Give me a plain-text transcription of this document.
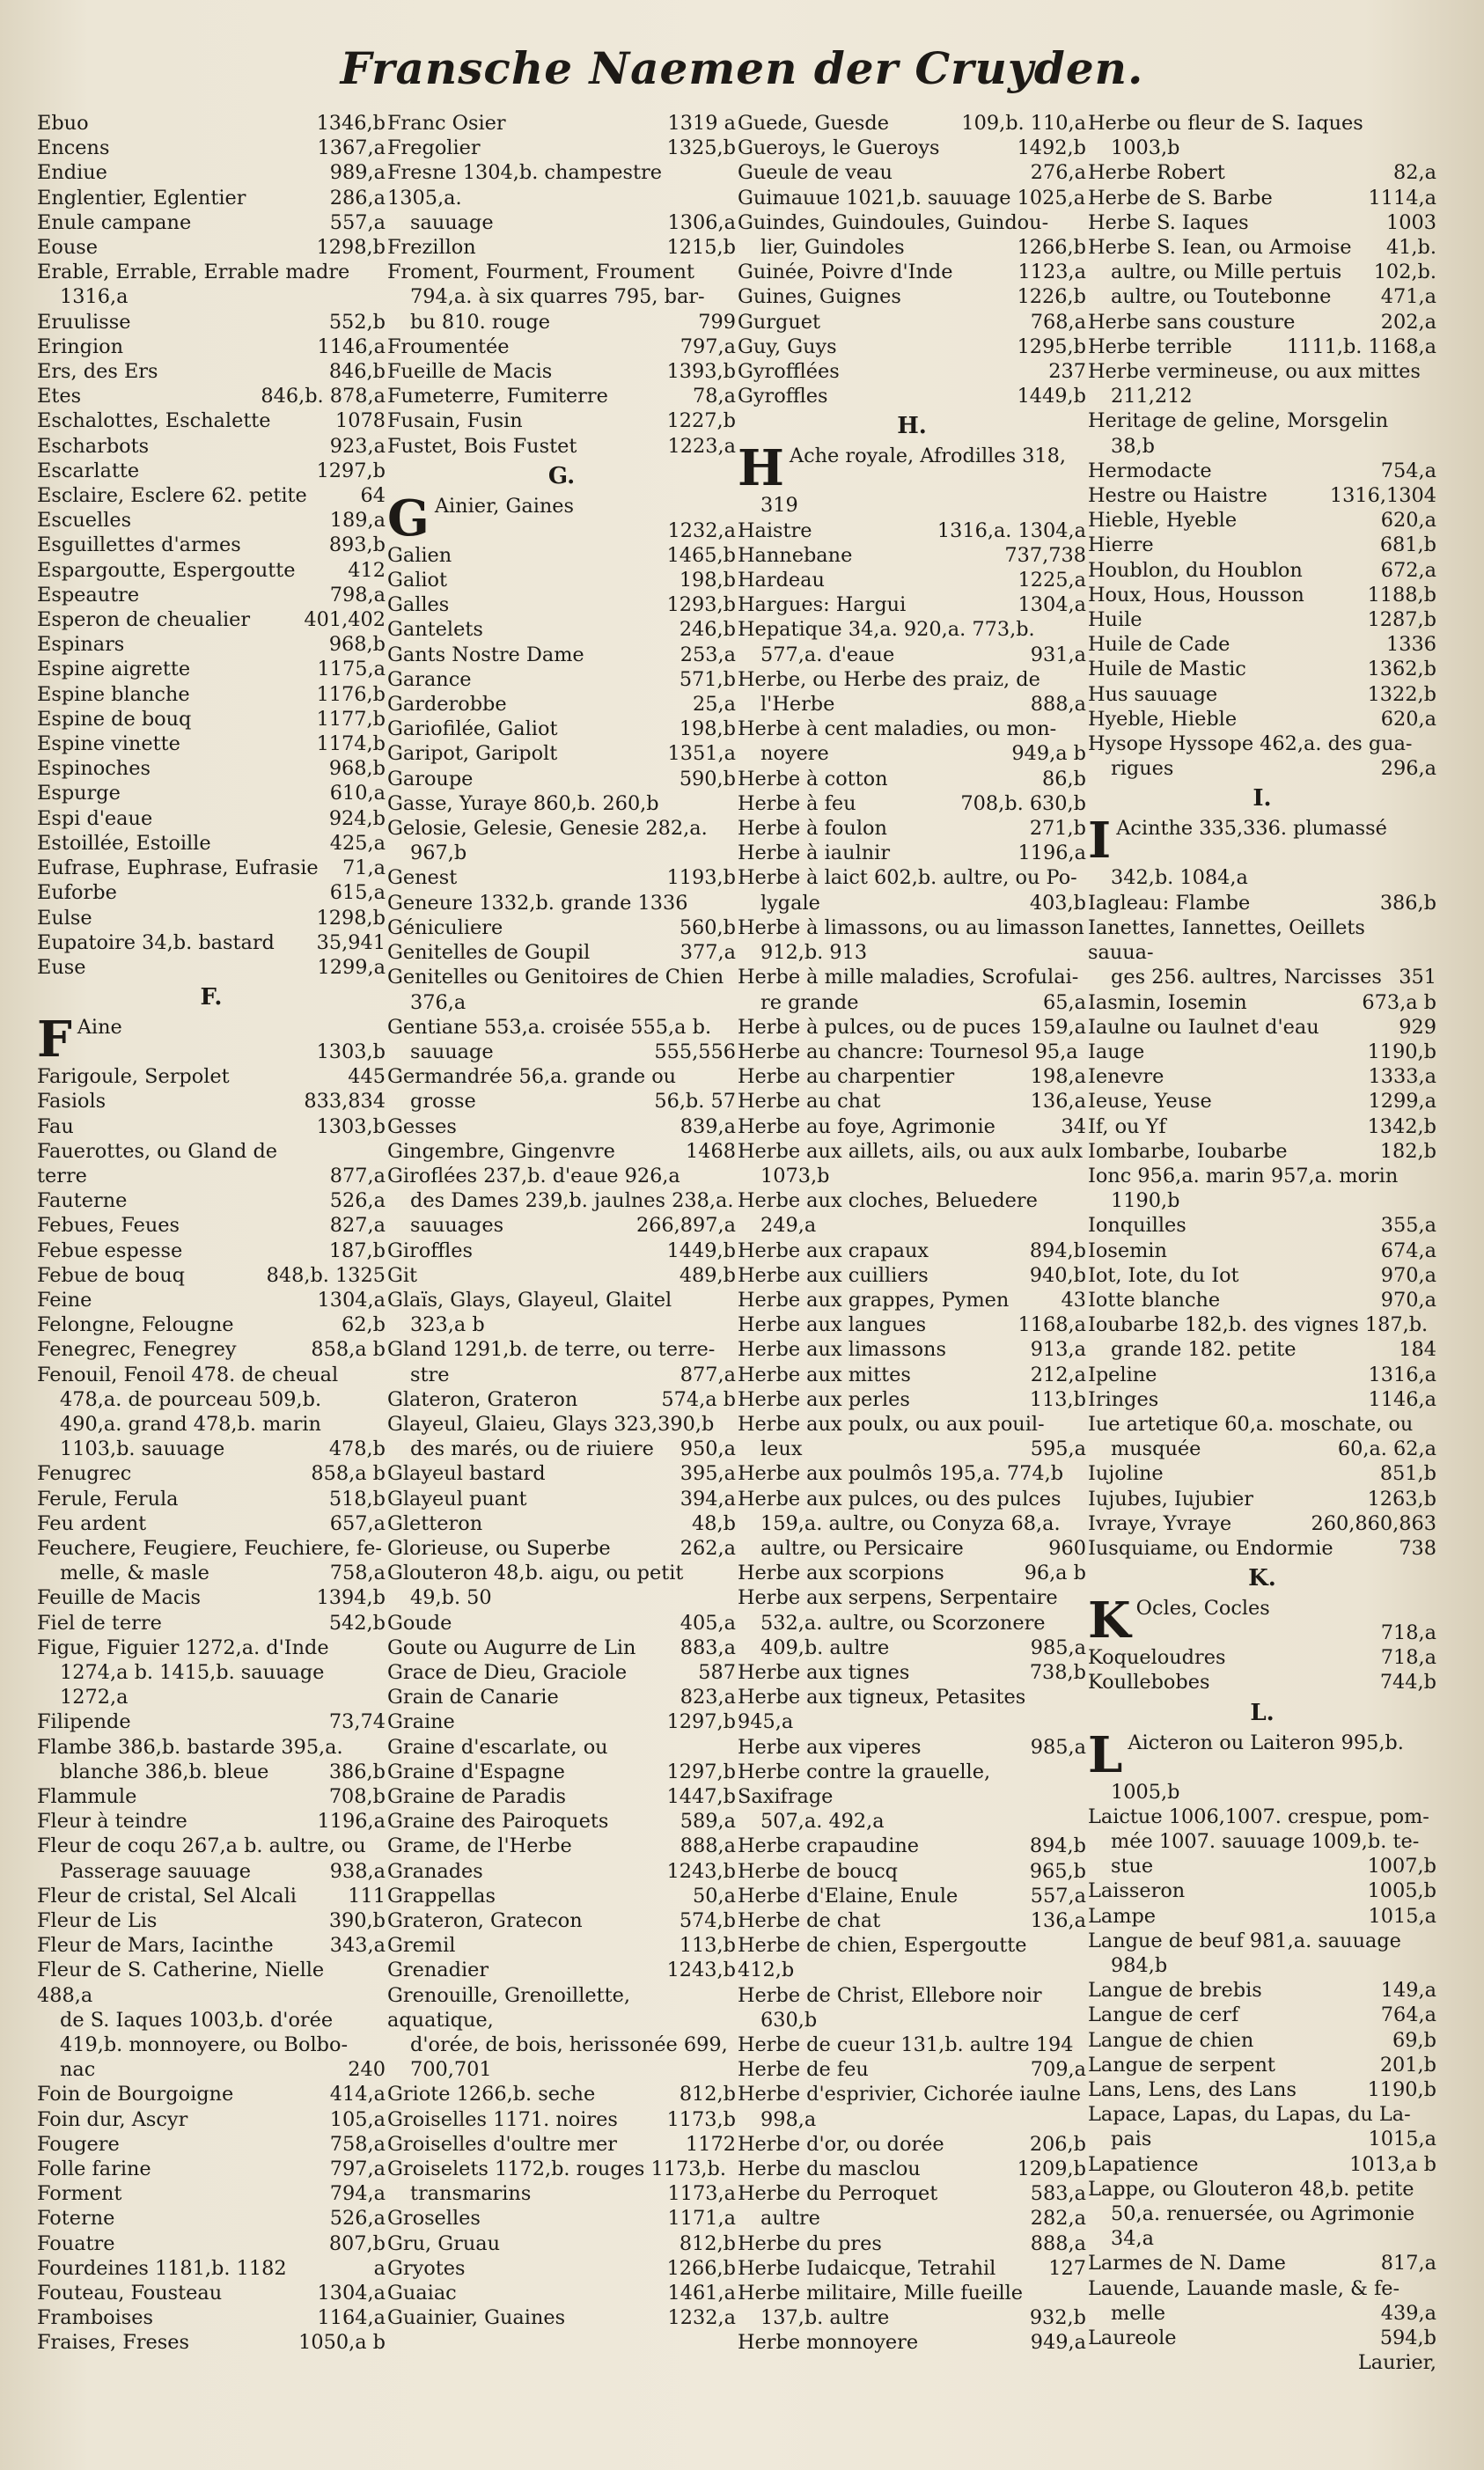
Fransche Naemen der Cruyden.
Ebuo	1346,b
Encens	1367,a
Endiue	989,a
Englentier, Eglentier	286,a
Enule campane	557,a
Eouse	1298,b
Erable, Errable, Errable madre
1316,a
Eruulisse	552,b
Eringion	1146,a
Ers, des Ers	846,b
Etes	846,b. 878,a
Eschalottes, Eschalette	1078
Escharbots	923,a
Escarlatte	1297,b
Esclaire, Esclere 62. petite	64
Escuelles	189,a
Esguillettes d'armes	893,b
Espargoutte, Espergoutte	412
Espeautre	798,a
Esperon de cheualier	401,402
Espinars	968,b
Espine aigrette	1175,a
Espine blanche	1176,b
Espine de bouq	1177,b
Espine vinette	1174,b
Espinoches	968,b
Espurge	610,a
Espi d'eaue	924,b
Estoillée, Estoille	425,a
Eufrase, Euphrase, Eufrasie	71,a
Euforbe	615,a
Eulse	1298,b
Eupatoire 34,b. bastard	35,941
Euse	1299,a
F.
F Aine
1303,b
Farigoule, Serpolet	445
Fasiols	833,834
Fau	1303,b
Fauerottes, ou Gland de terre	877,a
Fauterne	526,a
Febues, Feues	827,a
Febue espesse	187,b
Febue de bouq	848,b. 1325
Feine	1304,a
Felongne, Felougne	62,b
Fenegrec, Fenegrey	858,a b
Fenouil, Fenoil 478. de cheual
478,a. de pourceau 509,b.
490,a. grand 478,b. marin
1103,b. sauuage	478,b
Fenugrec	858,a b
Ferule, Ferula	518,b
Feu ardent	657,a
Feuchere, Feugiere, Feuchiere, fe-
melle, & masle	758,a
Feuille de Macis	1394,b
Fiel de terre	542,b
Figue, Figuier 1272,a. d'Inde
1274,a b. 1415,b. sauuage 1272,a
Filipende	73,74
Flambe 386,b. bastarde 395,a.
blanche 386,b. bleue	386,b
Flammule	708,b
Fleur à teindre	1196,a
Fleur de coqu 267,a b. aultre, ou
Passerage sauuage	938,a
Fleur de cristal, Sel Alcali	111
Fleur de Lis	390,b
Fleur de Mars, Iacinthe	343,a
Fleur de S. Catherine, Nielle 488,a
de S. Iaques 1003,b. d'orée
419,b. monnoyere, ou Bolbo-
nac	240
Foin de Bourgoigne	414,a
Foin dur, Ascyr	105,a
Fougere	758,a
Folle farine	797,a
Forment	794,a
Foterne	526,a
Fouatre	807,b
Fourdeines 1181,b. 1182	a
Fouteau, Fousteau	1304,a
Framboises	1164,a
Fraises, Freses	1050,a b
Franc Osier	1319 a
Fregolier	1325,b
Fresne 1304,b. champestre 1305,a.
sauuage	1306,a
Frezillon	1215,b
Froment, Fourment, Froument
794,a. à six quarres 795, bar-
bu 810. rouge	799
Froumentée	797,a
Fueille de Macis	1393,b
Fumeterre, Fumiterre	78,a
Fusain, Fusin	1227,b
Fustet, Bois Fustet	1223,a
G.
G Ainier, Gaines
1232,a
Galien	1465,b
Galiot	198,b
Galles	1293,b
Gantelets	246,b
Gants Nostre Dame	253,a
Garance	571,b
Garderobbe	25,a
Gariofilée, Galiot	198,b
Garipot, Garipolt	1351,a
Garoupe	590,b
Gasse, Yuraye 860,b. 260,b
Gelosie, Gelesie, Genesie 282,a.
967,b
Genest	1193,b
Geneure 1332,b. grande 1336
Géniculiere	560,b
Genitelles de Goupil	377,a
Genitelles ou Genitoires de Chien
376,a
Gentiane 553,a. croisée 555,a b.
sauuage	555,556
Germandrée 56,a. grande ou
grosse	56,b. 57
Gesses	839,a
Gingembre, Gingenvre	1468
Giroflées 237,b. d'eaue 926,a
des Dames 239,b. jaulnes 238,a.
sauuages	266,897,a
Giroffles	1449,b
Git	489,b
Glaïs, Glays, Glayeul, Glaitel
323,a b
Gland 1291,b. de terre, ou terre-
stre	877,a
Glateron, Grateron	574,a b
Glayeul, Glaieu, Glays 323,390,b
des marés, ou de riuiere	950,a
Glayeul bastard	395,a
Glayeul puant	394,a
Gletteron	48,b
Glorieuse, ou Superbe	262,a
Glouteron 48,b. aigu, ou petit
49,b. 50
Goude	405,a
Goute ou Augurre de Lin	883,a
Grace de Dieu, Graciole	587
Grain de Canarie	823,a
Graine	1297,b
Graine d'escarlate, ou
Graine d'Espagne	1297,b
Graine de Paradis	1447,b
Graine des Pairoquets	589,a
Grame, de l'Herbe	888,a
Granades	1243,b
Grappellas	50,a
Grateron, Gratecon	574,b
Gremil	113,b
Grenadier	1243,b
Grenouille, Grenoillette, aquatique,
d'orée, de bois, herissonée 699,
700,701
Griote 1266,b. seche	812,b
Groiselles 1171. noires	1173,b
Groiselles d'oultre mer	1172
Groiselets 1172,b. rouges 1173,b.
transmarins	1173,a
Groselles	1171,a
Gru, Gruau	812,b
Gryotes	1266,b
Guaiac	1461,a
Guainier, Guaines	1232,a
Guede, Guesde	109,b. 110,a
Gueroys, le Gueroys	1492,b
Gueule de veau	276,a
Guimauue 1021,b. sauuage 1025,a
Guindes, Guindoules, Guindou-
lier, Guindoles	1266,b
Guinée, Poivre d'Inde	1123,a
Guines, Guignes	1226,b
Gurguet	768,a
Guy, Guys	1295,b
Gyrofflées	237
Gyroffles	1449,b
H.
H Ache royale, Afrodilles 318,
319
Haistre	1316,a. 1304,a
Hannebane	737,738
Hardeau	1225,a
Hargues: Hargui	1304,a
Hepatique 34,a. 920,a. 773,b.
577,a. d'eaue	931,a
Herbe, ou Herbe des praiz, de
l'Herbe	888,a
Herbe à cent maladies, ou mon-
noyere	949,a b
Herbe à cotton	86,b
Herbe à feu	708,b. 630,b
Herbe à foulon	271,b
Herbe à iaulnir	1196,a
Herbe à laict 602,b. aultre, ou Po-
lygale	403,b
Herbe à limassons, ou au limasson
912,b. 913
Herbe à mille maladies, Scrofulai-
re grande	65,a
Herbe à pulces, ou de puces 159,a
Herbe au chancre: Tournesol 95,a
Herbe au charpentier	198,a
Herbe au chat	136,a
Herbe au foye, Agrimonie	34
Herbe aux aillets, ails, ou aux aulx
1073,b
Herbe aux cloches, Beluedere
249,a
Herbe aux crapaux	894,b
Herbe aux cuilliers	940,b
Herbe aux grappes, Pymen	43
Herbe aux langues	1168,a
Herbe aux limassons	913,a
Herbe aux mittes	212,a
Herbe aux perles	113,b
Herbe aux poulx, ou aux pouil-
leux	595,a
Herbe aux poulmôs 195,a. 774,b
Herbe aux pulces, ou des pulces
159,a. aultre, ou Conyza 68,a.
aultre, ou Persicaire	960
Herbe aux scorpions	96,a b
Herbe aux serpens, Serpentaire
532,a. aultre, ou Scorzonere
409,b. aultre	985,a
Herbe aux tignes	738,b
Herbe aux tigneux, Petasites 945,a
Herbe aux viperes	985,a
Herbe contre la grauelle, Saxifrage
507,a. 492,a
Herbe crapaudine	894,b
Herbe de boucq	965,b
Herbe d'Elaine, Enule	557,a
Herbe de chat	136,a
Herbe de chien, Espergoutte 412,b
Herbe de Christ, Ellebore noir
630,b
Herbe de cueur 131,b. aultre 194
Herbe de feu	709,a
Herbe d'esprivier, Cichorée iaulne
998,a
Herbe d'or, ou dorée	206,b
Herbe du masclou	1209,b
Herbe du Perroquet	583,a
aultre	282,a
Herbe du pres	888,a
Herbe Iudaicque, Tetrahil	127
Herbe militaire, Mille fueille
137,b. aultre	932,b
Herbe monnoyere	949,a
Herbe ou fleur de S. Iaques
1003,b
Herbe Robert	82,a
Herbe de S. Barbe	1114,a
Herbe S. Iaques	1003
Herbe S. Iean, ou Armoise	41,b.
aultre, ou Mille pertuis	102,b.
aultre, ou Toutebonne	471,a
Herbe sans cousture	202,a
Herbe terrible	1111,b. 1168,a
Herbe vermineuse, ou aux mittes
211,212
Heritage de geline, Morsgelin
38,b
Hermodacte	754,a
Hestre ou Haistre	1316,1304
Hieble, Hyeble	620,a
Hierre	681,b
Houblon, du Houblon	672,a
Houx, Hous, Housson	1188,b
Huile	1287,b
Huile de Cade	1336
Huile de Mastic	1362,b
Hus sauuage	1322,b
Hyeble, Hieble	620,a
Hysope Hyssope 462,a. des gua-
rigues	296,a
I.
I Acinthe 335,336. plumassé
342,b. 1084,a
Iagleau: Flambe	386,b
Ianettes, Iannettes, Oeillets sauua-
ges 256. aultres, Narcisses 351
Iasmin, Iosemin	673,a b
Iaulne ou Iaulnet d'eau	929
Iauge	1190,b
Ienevre	1333,a
Ieuse, Yeuse	1299,a
If, ou Yf	1342,b
Iombarbe, Ioubarbe	182,b
Ionc 956,a. marin 957,a. morin
1190,b
Ionquilles	355,a
Iosemin	674,a
Iot, Iote, du Iot	970,a
Iotte blanche	970,a
Ioubarbe 182,b. des vignes 187,b.
grande 182. petite	184
Ipeline	1316,a
Iringes	1146,a
Iue artetique 60,a. moschate, ou
musquée	60,a. 62,a
Iujoline	851,b
Iujubes, Iujubier	1263,b
Ivraye, Yvraye	260,860,863
Iusquiame, ou Endormie	738
K.
K Ocles, Cocles
718,a
Koqueloudres	718,a
Koullebobes	744,b
L.
L Aicteron ou Laiteron 995,b.
1005,b
Laictue 1006,1007. crespue, pom-
mée 1007. sauuage 1009,b. te-
stue	1007,b
Laisseron	1005,b
Lampe	1015,a
Langue de beuf 981,a. sauuage
984,b
Langue de brebis	149,a
Langue de cerf	764,a
Langue de chien	69,b
Langue de serpent	201,b
Lans, Lens, des Lans	1190,b
Lapace, Lapas, du Lapas, du La-
pais	1015,a
Lapatience	1013,a b
Lappe, ou Glouteron 48,b. petite
50,a. renuersée, ou Agrimonie
34,a
Larmes de N. Dame	817,a
Lauende, Lauande masle, & fe-
melle	439,a
Laureole	594,b
Laurier,
